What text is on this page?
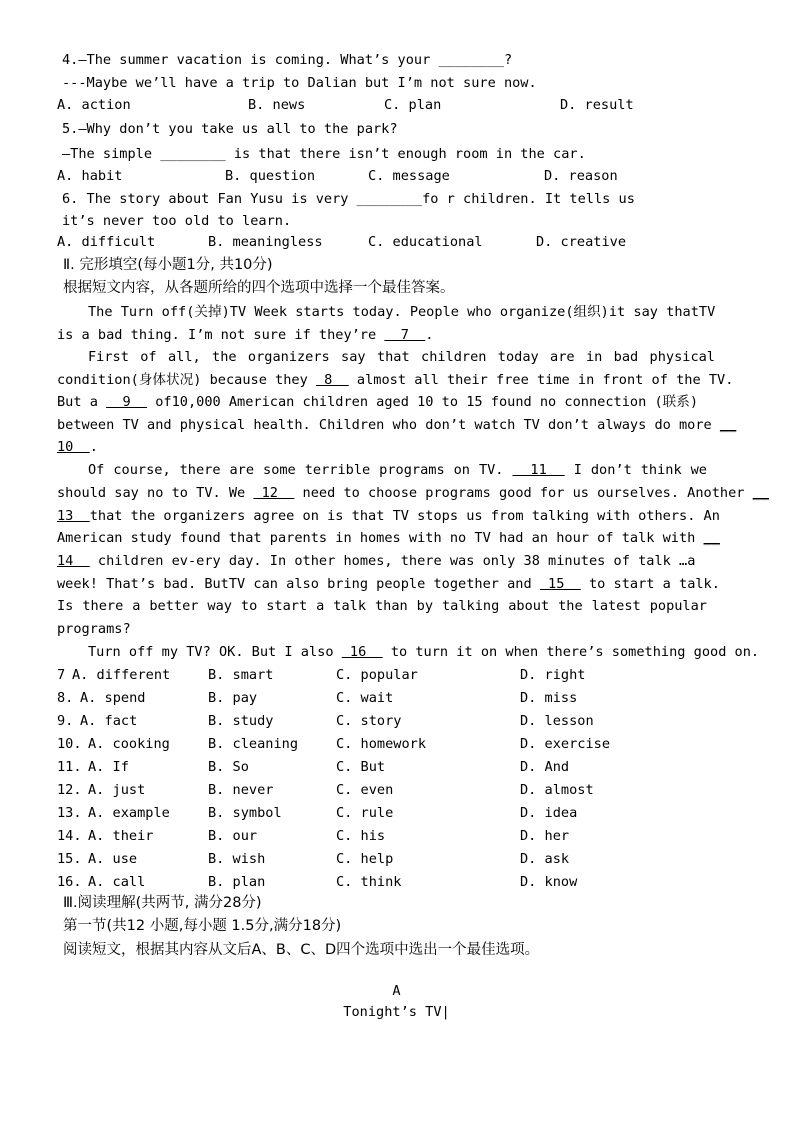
4.—The summer vacation is coming. What’s your ________?
---Maybe we’ll have a trip to Dalian but I’m not sure now.
A. action	B. news	C. plan	D. result
5.—Why don’t you take us all to the park?
—The simple ________ is that there isn’t enough room in the car.
A. habit	B. question	C. message	D. reason
6. The story about Fan Yusu is very ________fo r children. It tells us
it’s never too old to learn.
A. difficult	B. meaningless	C. educational	D. creative
Ⅱ. 完形填空(每小题1分, 共10分)
根据短文内容，从各题所给的四个选项中选择一个最佳答案。
The Turn off(关掉)TV Week starts today. People who organize(组织)it say thatTV
is a bad thing. I’m not sure if they’re   7  .
First of all, the organizers say that children today are in bad physical
condition(身体状况) because they  8   almost all their free time in front of the TV.
But a   9   of10,000 American children aged 10 to 15 found no connection (联系)
between TV and physical health. Children who don’t watch TV don’t always do more __
10  .
Of course, there are some terrible programs on TV.   11   I don’t think we
should say no to TV. We  12   need to choose programs good for us ourselves. Another __
13  that the organizers agree on is that TV stops us from talking with others. An
American study found that parents in homes with no TV had an hour of talk with __
14   children ev-ery day. In other homes, there was only 38 minutes of talk …a
week! That’s bad. ButTV can also bring people together and  15   to start a talk.
Is there a better way to start a talk than by talking about the latest popular
programs?
Turn off my TV? OK. But I also  16   to turn it on when there’s something good on.
7 A. different	B. smart	C. popular	D. right
8. A. spend	B. pay	C. wait	D. miss
9. A. fact	B. study	C. story	D. lesson
10. A. cooking	B. cleaning	C. homework	D. exercise
11. A. If	B. So	C. But	D. And
12. A. just	B. never	C. even	D. almost
13. A. example	B. symbol	C. rule	D. idea
14. A. their	B. our	C. his	D. her
15. A. use	B. wish	C. help	D. ask
16. A. call	B. plan	C. think	D. know
Ⅲ.阅读理解(共两节, 满分28分)
第一节(共12 小题,每小题 1.5分,满分18分)
阅读短文，根据其内容从文后A、B、C、D四个选项中选出一个最佳选项。
A
Tonight’s TV|
